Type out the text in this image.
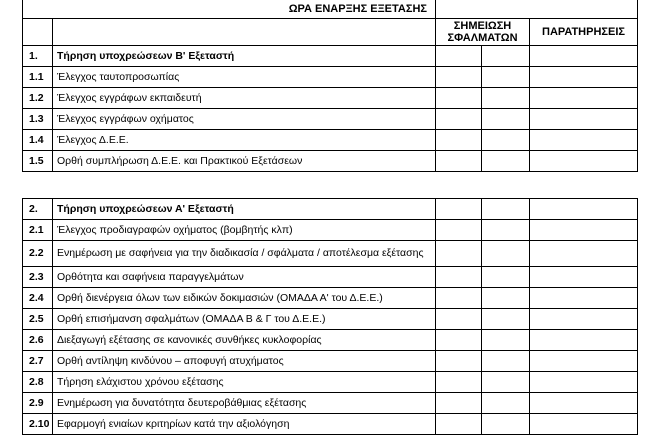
ΩΡΑ ΕΝΑΡΞΗΣ ΕΞΕΤΑΣΗΣ				
		ΣΗΜΕΙΩΣΗ
ΣΦΑΛΜΑΤΩΝ		ΠΑΡΑΤΗΡΗΣΕΙΣ
1.	Τήρηση υποχρεώσεων Β' Εξεταστή			
1.1	Έλεγχος ταυτοπροσωπίας			
1.2	Έλεγχος εγγράφων εκπαιδευτή			
1.3	Έλεγχος εγγράφων οχήματος			
1.4	Έλεγχος Δ.Ε.Ε.			
1.5	Ορθή συμπλήρωση Δ.Ε.Ε. και Πρακτικού Εξετάσεων			
2.	Τήρηση υποχρεώσεων Α' Εξεταστή			
2.1	Έλεγχος προδιαγραφών οχήματος (βομβητής κλπ)			
2.2	Ενημέρωση με σαφήνεια για την διαδικασία / σφάλματα / αποτέλεσμα εξέτασης			
2.3	Ορθότητα και σαφήνεια παραγγελμάτων			
2.4	Ορθή διενέργεια όλων των ειδικών δοκιμασιών (ΟΜΑΔΑ Α' του Δ.Ε.Ε.)			
2.5	Ορθή επισήμανση σφαλμάτων (ΟΜΑΔΑ Β & Γ του Δ.Ε.Ε.)			
2.6	Διεξαγωγή εξέτασης σε κανονικές συνθήκες κυκλοφορίας			
2.7	Ορθή αντίληψη κινδύνου – αποφυγή ατυχήματος			
2.8	Τήρηση ελάχιστου χρόνου εξέτασης			
2.9	Ενημέρωση για δυνατότητα δευτεροβάθμιας εξέτασης			
2.10	Εφαρμογή ενιαίων κριτηρίων κατά την αξιολόγηση			
